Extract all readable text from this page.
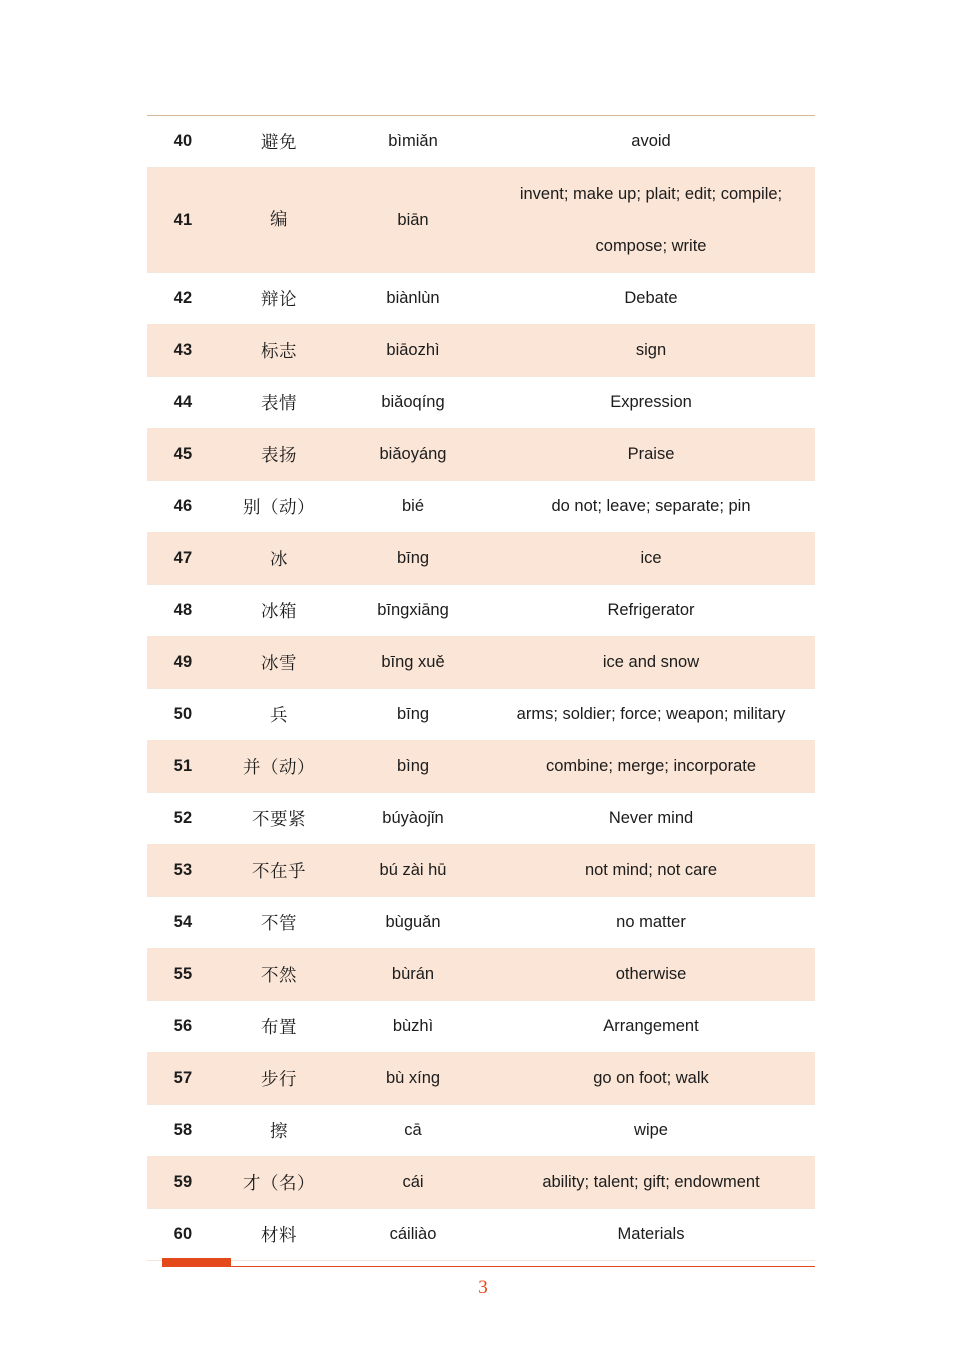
40	避免	bìmiǎn	avoid
41	编	biān	invent; make up; plait; edit; compile; compose; write
42	辩论	biànlùn	Debate
43	标志	biāozhì	sign
44	表情	biǎoqíng	Expression
45	表扬	biǎoyáng	Praise
46	别（动）	bié	do not; leave; separate; pin
47	冰	bīng	ice
48	冰箱	bīngxiāng	Refrigerator
49	冰雪	bīng xuě	ice and snow
50	兵	bīng	arms; soldier; force; weapon; military
51	并（动）	bìng	combine; merge; incorporate
52	不要紧	búyàojǐn	Never mind
53	不在乎	bú zài hū	not mind; not care
54	不管	bùguǎn	no matter
55	不然	bùrán	otherwise
56	布置	bùzhì	Arrangement
57	步行	bù xíng	go on foot; walk
58	擦	cā	wipe
59	才（名）	cái	ability; talent; gift; endowment
60	材料	cáiliào	Materials
3
